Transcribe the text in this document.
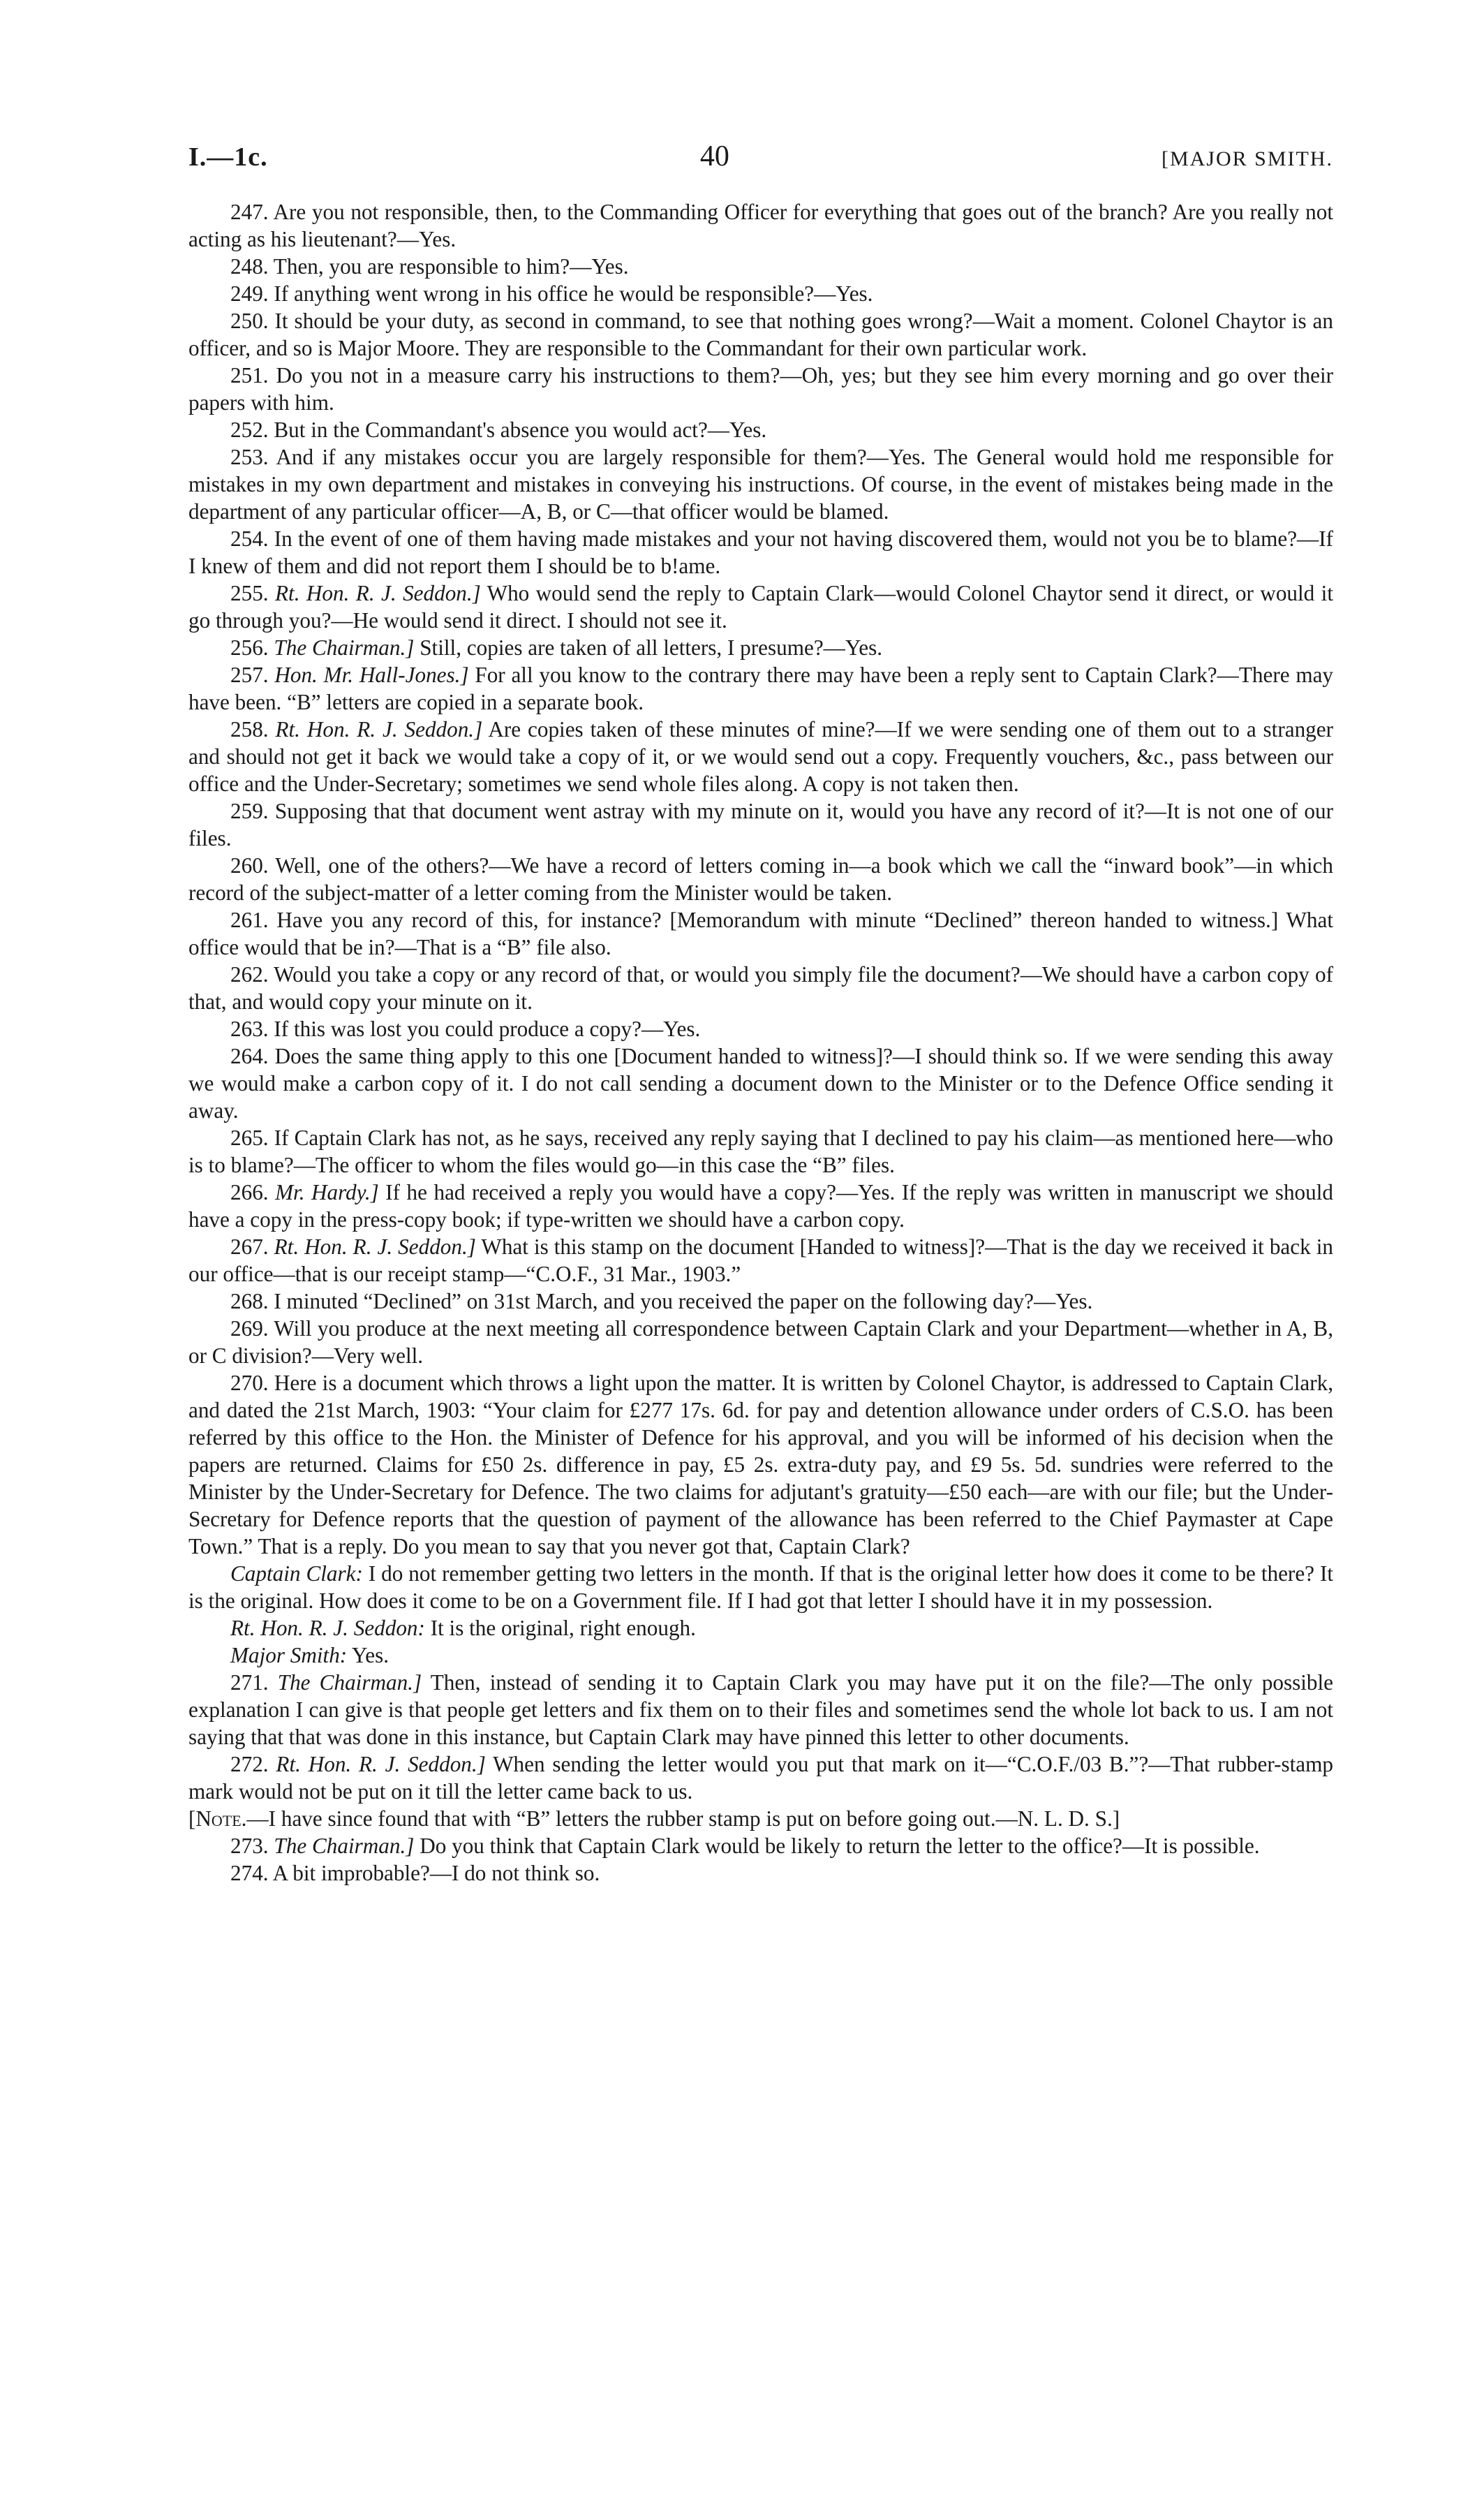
I.—1c.	40	[MAJOR SMITH.

247. Are you not responsible, then, to the Commanding Officer for everything that goes out of the branch? Are you really not acting as his lieutenant?—Yes.

248. Then, you are responsible to him?—Yes.

249. If anything went wrong in his office he would be responsible?—Yes.

250. It should be your duty, as second in command, to see that nothing goes wrong?—Wait a moment. Colonel Chaytor is an officer, and so is Major Moore. They are responsible to the Commandant for their own particular work.

251. Do you not in a measure carry his instructions to them?—Oh, yes; but they see him every morning and go over their papers with him.

252. But in the Commandant's absence you would act?—Yes.

253. And if any mistakes occur you are largely responsible for them?—Yes. The General would hold me responsible for mistakes in my own department and mistakes in conveying his instructions. Of course, in the event of mistakes being made in the department of any particular officer—A, B, or C—that officer would be blamed.

254. In the event of one of them having made mistakes and your not having discovered them, would not you be to blame?—If I knew of them and did not report them I should be to b!ame.

255. Rt. Hon. R. J. Seddon.] Who would send the reply to Captain Clark—would Colonel Chaytor send it direct, or would it go through you?—He would send it direct. I should not see it.

256. The Chairman.] Still, copies are taken of all letters, I presume?—Yes.

257. Hon. Mr. Hall-Jones.] For all you know to the contrary there may have been a reply sent to Captain Clark?—There may have been. “B” letters are copied in a separate book.

258. Rt. Hon. R. J. Seddon.] Are copies taken of these minutes of mine?—If we were sending one of them out to a stranger and should not get it back we would take a copy of it, or we would send out a copy. Frequently vouchers, &c., pass between our office and the Under-Secretary; sometimes we send whole files along. A copy is not taken then.

259. Supposing that that document went astray with my minute on it, would you have any record of it?—It is not one of our files.

260. Well, one of the others?—We have a record of letters coming in—a book which we call the “inward book”—in which record of the subject-matter of a letter coming from the Minister would be taken.

261. Have you any record of this, for instance? [Memorandum with minute “Declined” thereon handed to witness.] What office would that be in?—That is a “B” file also.

262. Would you take a copy or any record of that, or would you simply file the document?—We should have a carbon copy of that, and would copy your minute on it.

263. If this was lost you could produce a copy?—Yes.

264. Does the same thing apply to this one [Document handed to witness]?—I should think so. If we were sending this away we would make a carbon copy of it. I do not call sending a document down to the Minister or to the Defence Office sending it away.

265. If Captain Clark has not, as he says, received any reply saying that I declined to pay his claim—as mentioned here—who is to blame?—The officer to whom the files would go—in this case the “B” files.

266. Mr. Hardy.] If he had received a reply you would have a copy?—Yes. If the reply was written in manuscript we should have a copy in the press-copy book; if type-written we should have a carbon copy.

267. Rt. Hon. R. J. Seddon.] What is this stamp on the document [Handed to witness]?—That is the day we received it back in our office—that is our receipt stamp—“C.O.F., 31 Mar., 1903.”

268. I minuted “Declined” on 31st March, and you received the paper on the following day?—Yes.

269. Will you produce at the next meeting all correspondence between Captain Clark and your Department—whether in A, B, or C division?—Very well.

270. Here is a document which throws a light upon the matter. It is written by Colonel Chaytor, is addressed to Captain Clark, and dated the 21st March, 1903: “Your claim for £277 17s. 6d. for pay and detention allowance under orders of C.S.O. has been referred by this office to the Hon. the Minister of Defence for his approval, and you will be informed of his decision when the papers are returned. Claims for £50 2s. difference in pay, £5 2s. extra-duty pay, and £9 5s. 5d. sundries were referred to the Minister by the Under-Secretary for Defence. The two claims for adjutant's gratuity—£50 each—are with our file; but the Under-Secretary for Defence reports that the question of payment of the allowance has been referred to the Chief Paymaster at Cape Town.” That is a reply. Do you mean to say that you never got that, Captain Clark?

Captain Clark: I do not remember getting two letters in the month. If that is the original letter how does it come to be there? It is the original. How does it come to be on a Government file. If I had got that letter I should have it in my possession.

Rt. Hon. R. J. Seddon: It is the original, right enough.

Major Smith: Yes.

271. The Chairman.] Then, instead of sending it to Captain Clark you may have put it on the file?—The only possible explanation I can give is that people get letters and fix them on to their files and sometimes send the whole lot back to us. I am not saying that that was done in this instance, but Captain Clark may have pinned this letter to other documents.

272. Rt. Hon. R. J. Seddon.] When sending the letter would you put that mark on it—“C.O.F./03 B.”?—That rubber-stamp mark would not be put on it till the letter came back to us.

[Note.—I have since found that with “B” letters the rubber stamp is put on before going out.—N. L. D. S.]

273. The Chairman.] Do you think that Captain Clark would be likely to return the letter to the office?—It is possible.

274. A bit improbable?—I do not think so.
